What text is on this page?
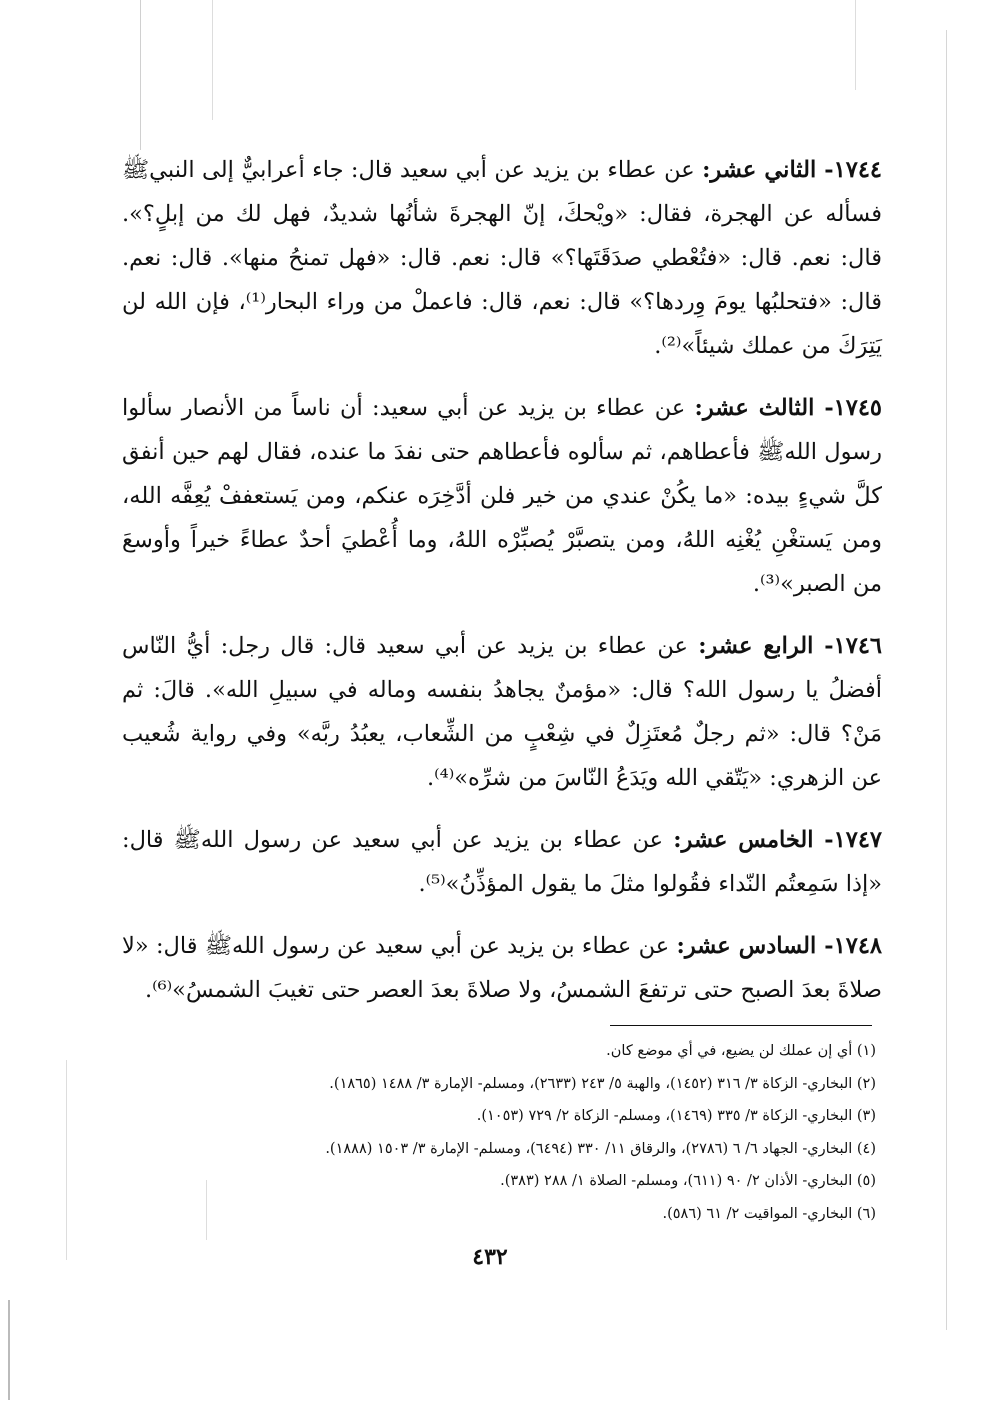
١٧٤٤- الثاني عشر: عن عطاء بن يزيد عن أبي سعيد قال: جاء أعرابيٌّ إلى النبيﷺ فسأله عن الهجرة، فقال: «ويْحكَ، إنّ الهجرةَ شأنُها شديدٌ، فهل لك من إبلٍ؟». قال: نعم. قال: «فتُعْطي صدَقَتَها؟» قال: نعم. قال: «فهل تمنحُ منها». قال: نعم. قال: «فتحلبُها يومَ وِردها؟» قال: نعم، قال: فاعملْ من وراء البحار⁽¹⁾، فإن الله لن يَتِرَكَ من عملك شيئاً»⁽²⁾.

١٧٤٥- الثالث عشر: عن عطاء بن يزيد عن أبي سعيد: أن ناساً من الأنصار سألوا رسول اللهﷺ فأعطاهم، ثم سألوه فأعطاهم حتى نفدَ ما عنده، فقال لهم حين أنفق كلَّ شيءٍ بيده: «ما يكُنْ عندي من خير فلن أدَّخِرَه عنكم، ومن يَستعففْ يُعِفَّه الله، ومن يَستغْنِ يُغْنِه اللهُ، ومن يتصبَّرْ يُصبِّرْه اللهُ، وما أُعْطيَ أحدٌ عطاءً خيراً وأوسعَ من الصبر»⁽³⁾.

١٧٤٦- الرابع عشر: عن عطاء بن يزيد عن أبي سعيد قال: قال رجل: أيُّ النّاس أفضلُ يا رسول الله؟ قال: «مؤمنٌ يجاهدُ بنفسه وماله في سبيلِ الله». قالَ: ثم مَنْ؟ قال: «ثم رجلٌ مُعتَزِلٌ في شِعْبٍ من الشِّعاب، يعبُدُ ربَّه» وفي رواية شُعيب عن الزهري: «يَتّقي الله ويَدَعُ النّاسَ من شرِّه»⁽⁴⁾.

١٧٤٧- الخامس عشر: عن عطاء بن يزيد عن أبي سعيد عن رسول اللهﷺ قال: «إذا سَمِعتُم النّداء فقُولوا مثلَ ما يقول المؤذِّنُ»⁽⁵⁾.

١٧٤٨- السادس عشر: عن عطاء بن يزيد عن أبي سعيد عن رسول اللهﷺ قال: «لا صلاةَ بعدَ الصبح حتى ترتفعَ الشمسُ، ولا صلاةَ بعدَ العصر حتى تغيبَ الشمسُ»⁽⁶⁾.

(١) أي إن عملك لن يضيع، في أي موضع كان.
(٢) البخاري- الزكاة ٣/ ٣١٦ (١٤٥٢)، والهبة ٥/ ٢٤٣ (٢٦٣٣)، ومسلم- الإمارة ٣/ ١٤٨٨ (١٨٦٥).
(٣) البخاري- الزكاة ٣/ ٣٣٥ (١٤٦٩)، ومسلم- الزكاة ٢/ ٧٢٩ (١٠٥٣).
(٤) البخاري- الجهاد ٦/ ٦ (٢٧٨٦)، والرقاق ١١/ ٣٣٠ (٦٤٩٤)، ومسلم- الإمارة ٣/ ١٥٠٣ (١٨٨٨).
(٥) البخاري- الأذان ٢/ ٩٠ (٦١١)، ومسلم- الصلاة ١/ ٢٨٨ (٣٨٣).
(٦) البخاري- المواقيت ٢/ ٦١ (٥٨٦).
٤٣٢
